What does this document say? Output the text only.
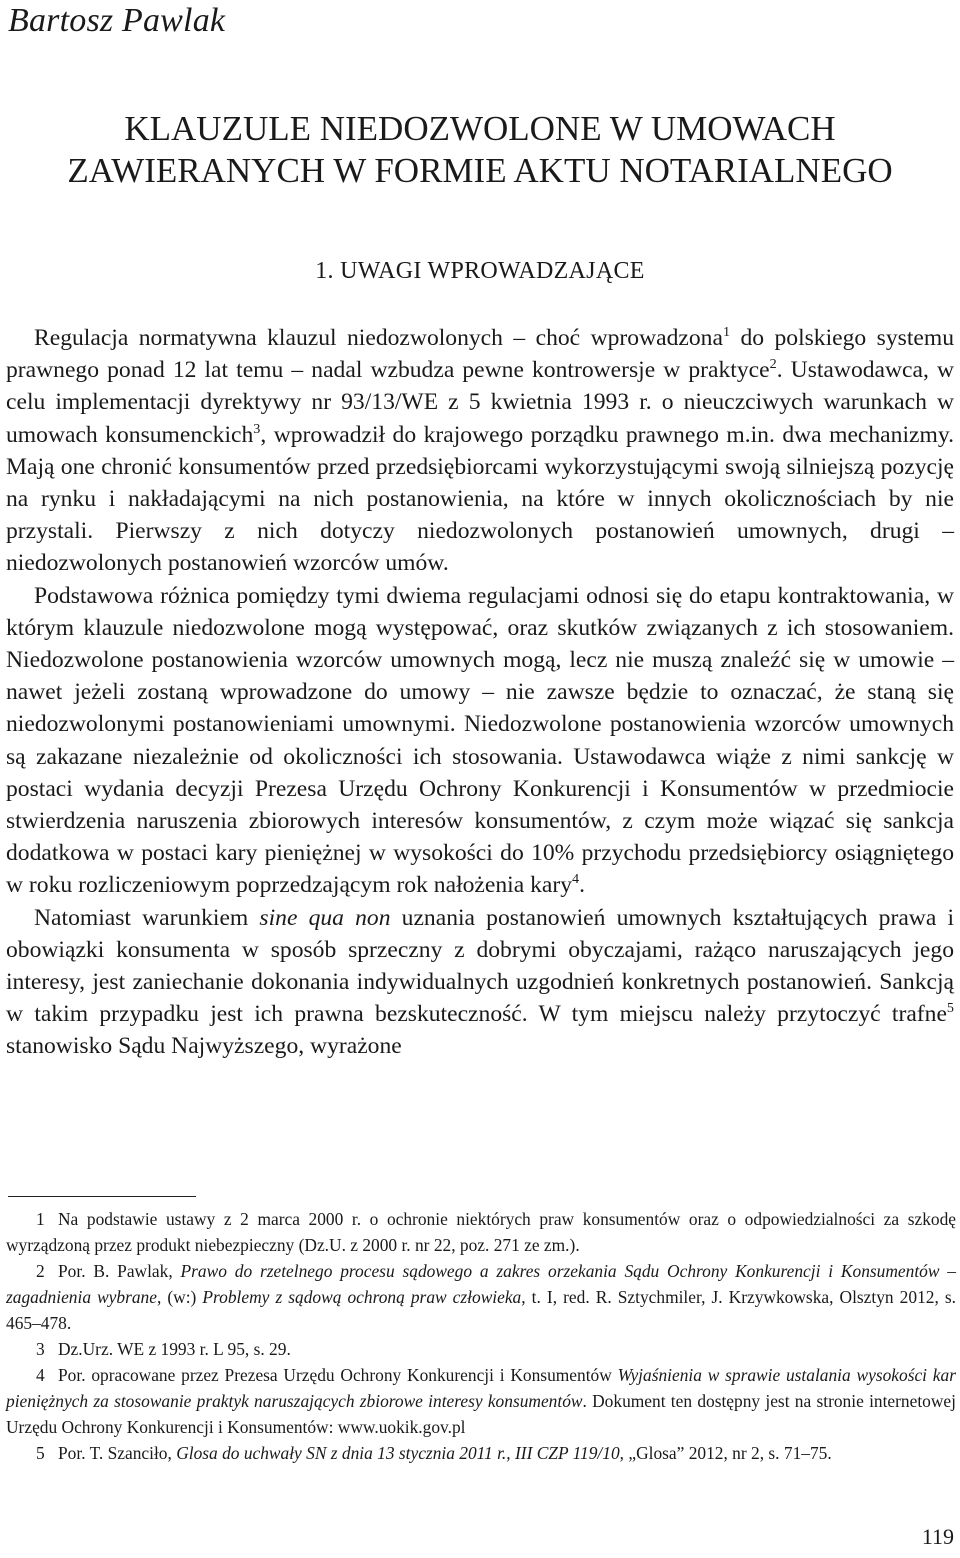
Bartosz Pawlak
KLAUZULE NIEDOZWOLONE W UMOWACH
ZAWIERANYCH W FORMIE AKTU NOTARIALNEGO
1. UWAGI WPROWADZAJĄCE

Regulacja normatywna klauzul niedozwolonych – choć wprowadzona$^1$ do polskiego systemu prawnego ponad 12 lat temu – nadal wzbudza pewne kontrowersje w praktyce$^2$. Ustawodawca, w celu implementacji dyrektywy nr 93/13/WE z 5 kwietnia 1993 r. o nieuczciwych warunkach w umowach konsumenckich$^3$, wprowadził do krajowego porządku prawnego m.in. dwa mechanizmy. Mają one chronić konsumentów przed przedsiębiorcami wykorzystującymi swoją silniejszą pozycję na rynku i nakładającymi na nich postanowienia, na które w innych okolicznościach by nie przystali. Pierwszy z nich dotyczy niedozwolonych postanowień umownych, drugi – niedozwolonych postanowień wzorców umów.

Podstawowa różnica pomiędzy tymi dwiema regulacjami odnosi się do etapu kontraktowania, w którym klauzule niedozwolone mogą występować, oraz skutków związanych z ich stosowaniem. Niedozwolone postanowienia wzorców umownych mogą, lecz nie muszą znaleźć się w umowie – nawet jeżeli zostaną wprowadzone do umowy – nie zawsze będzie to oznaczać, że staną się niedozwolonymi postanowieniami umownymi. Niedozwolone postanowienia wzorców umownych są zakazane niezależnie od okoliczności ich stosowania. Ustawodawca wiąże z nimi sankcję w postaci wydania decyzji Prezesa Urzędu Ochrony Konkurencji i Konsumentów w przedmiocie stwierdzenia naruszenia zbiorowych interesów konsumentów, z czym może wiązać się sankcja dodatkowa w postaci kary pieniężnej w wysokości do 10% przychodu przedsiębiorcy osiągniętego w roku rozliczeniowym poprzedzającym rok nałożenia kary$^4$.

Natomiast warunkiem sine qua non uznania postanowień umownych kształtujących prawa i obowiązki konsumenta w sposób sprzeczny z dobrymi obyczajami, rażąco naruszających jego interesy, jest zaniechanie dokonania indywidualnych uzgodnień konkretnych postanowień. Sankcją w takim przypadku jest ich prawna bezskuteczność. W tym miejscu należy przytoczyć trafne$^5$ stanowisko Sądu Najwyższego, wyrażone

1 Na podstawie ustawy z 2 marca 2000 r. o ochronie niektórych praw konsumentów oraz o odpowiedzialności za szkodę wyrządzoną przez produkt niebezpieczny (Dz.U. z 2000 r. nr 22, poz. 271 ze zm.).

2 Por. B. Pawlak, Prawo do rzetelnego procesu sądowego a zakres orzekania Sądu Ochrony Konkurencji i Konsumentów – zagadnienia wybrane, (w:) Problemy z sądową ochroną praw człowieka, t. I, red. R. Sztychmiler, J. Krzywkowska, Olsztyn 2012, s. 465–478.

3 Dz.Urz. WE z 1993 r. L 95, s. 29.

4 Por. opracowane przez Prezesa Urzędu Ochrony Konkurencji i Konsumentów Wyjaśnienia w sprawie ustalania wysokości kar pieniężnych za stosowanie praktyk naruszających zbiorowe interesy konsumentów. Dokument ten dostępny jest na stronie internetowej Urzędu Ochrony Konkurencji i Konsumentów: www.uokik.gov.pl

5 Por. T. Szanciło, Glosa do uchwały SN z dnia 13 stycznia 2011 r., III CZP 119/10, „Glosa” 2012, nr 2, s. 71–75.

119
